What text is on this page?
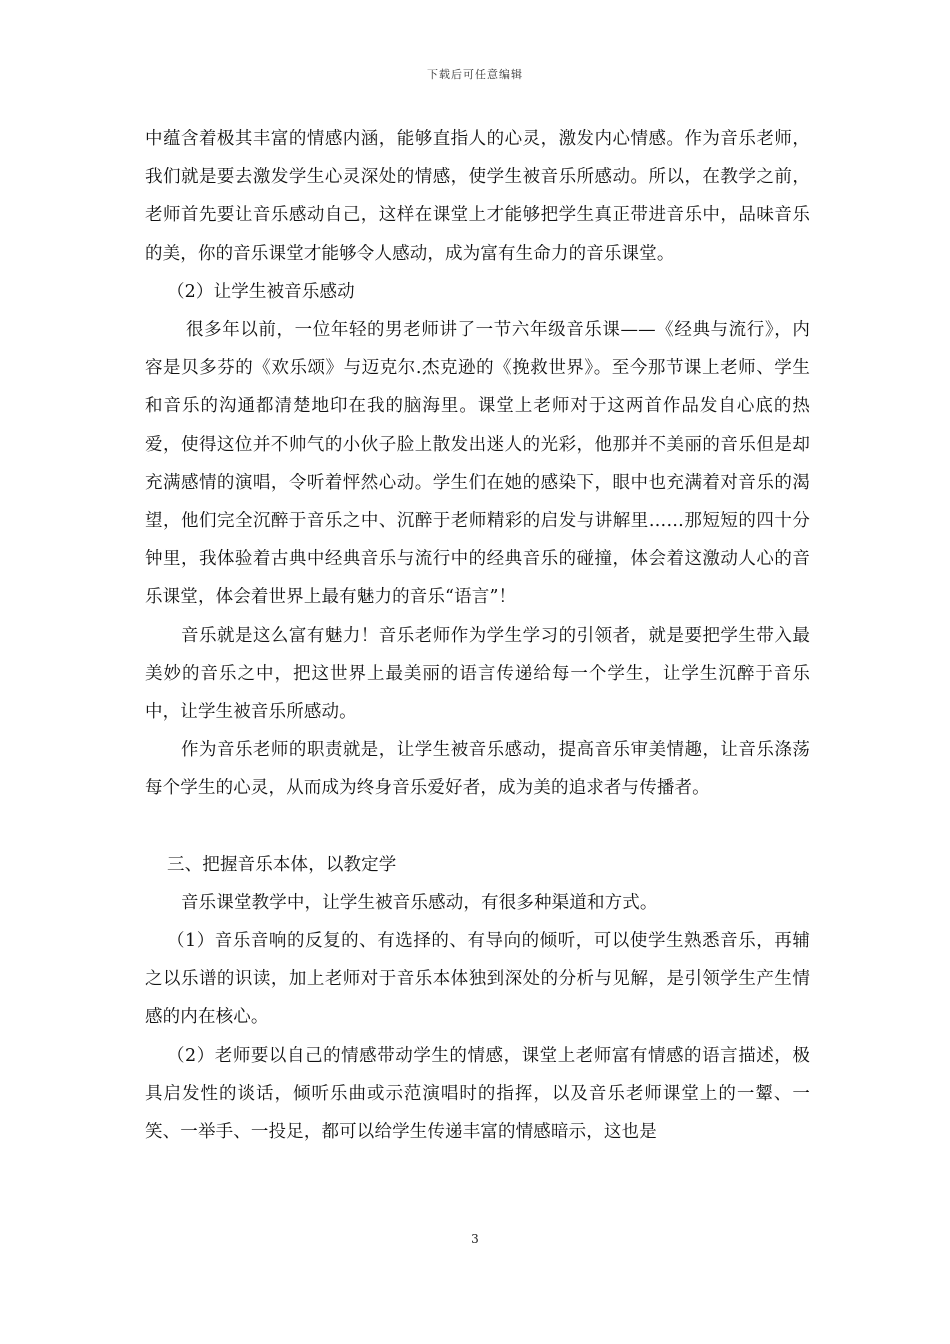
下载后可任意编辑

中蕴含着极其丰富的情感内涵，能够直指人的心灵，激发内心情感。作为音乐老师，我们就是要去激发学生心灵深处的情感，使学生被音乐所感动。所以，在教学之前，老师首先要让音乐感动自己，这样在课堂上才能够把学生真正带进音乐中，品味音乐的美，你的音乐课堂才能够令人感动，成为富有生命力的音乐课堂。

（2）让学生被音乐感动

很多年以前，一位年轻的男老师讲了一节六年级音乐课——《经典与流行》，内容是贝多芬的《欢乐颂》与迈克尔.杰克逊的《挽救世界》。至今那节课上老师、学生和音乐的沟通都清楚地印在我的脑海里。课堂上老师对于这两首作品发自心底的热爱，使得这位并不帅气的小伙子脸上散发出迷人的光彩，他那并不美丽的音乐但是却充满感情的演唱，令听着怦然心动。学生们在她的感染下，眼中也充满着对音乐的渴望，他们完全沉醉于音乐之中、沉醉于老师精彩的启发与讲解里……那短短的四十分钟里，我体验着古典中经典音乐与流行中的经典音乐的碰撞，体会着这激动人心的音乐课堂，体会着世界上最有魅力的音乐“语言”！

音乐就是这么富有魅力！音乐老师作为学生学习的引领者，就是要把学生带入最美妙的音乐之中，把这世界上最美丽的语言传递给每一个学生，让学生沉醉于音乐中，让学生被音乐所感动。

作为音乐老师的职责就是，让学生被音乐感动，提高音乐审美情趣，让音乐涤荡每个学生的心灵，从而成为终身音乐爱好者，成为美的追求者与传播者。

三、把握音乐本体，以教定学

音乐课堂教学中，让学生被音乐感动，有很多种渠道和方式。

（1）音乐音响的反复的、有选择的、有导向的倾听，可以使学生熟悉音乐，再辅之以乐谱的识读，加上老师对于音乐本体独到深处的分析与见解，是引领学生产生情感的内在核心。

（2）老师要以自己的情感带动学生的情感，课堂上老师富有情感的语言描述，极具启发性的谈话，倾听乐曲或示范演唱时的指挥，以及音乐老师课堂上的一颦、一笑、一举手、一投足，都可以给学生传递丰富的情感暗示，这也是

3
